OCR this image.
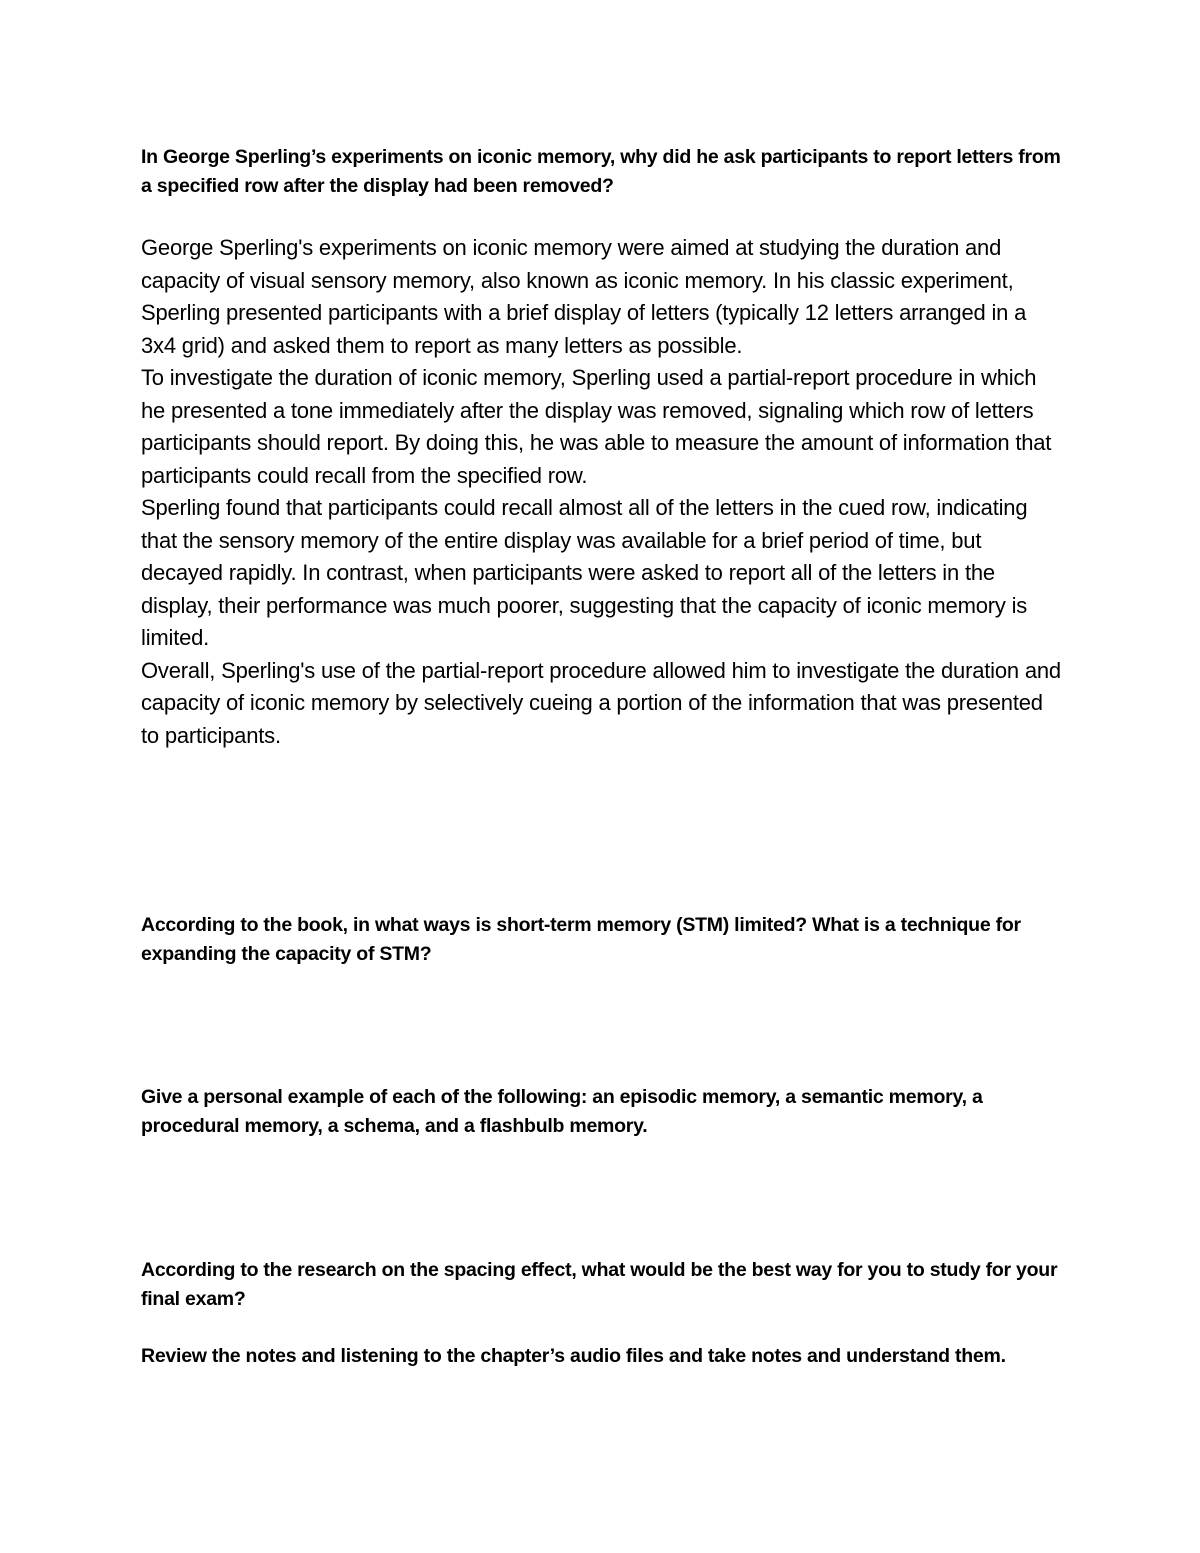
In George Sperling’s experiments on iconic memory, why did he ask participants to report letters from a specified row after the display had been removed?

George Sperling's experiments on iconic memory were aimed at studying the duration and capacity of visual sensory memory, also known as iconic memory. In his classic experiment, Sperling presented participants with a brief display of letters (typically 12 letters arranged in a 3x4 grid) and asked them to report as many letters as possible.

To investigate the duration of iconic memory, Sperling used a partial-report procedure in which he presented a tone immediately after the display was removed, signaling which row of letters participants should report. By doing this, he was able to measure the amount of information that participants could recall from the specified row.

Sperling found that participants could recall almost all of the letters in the cued row, indicating that the sensory memory of the entire display was available for a brief period of time, but decayed rapidly. In contrast, when participants were asked to report all of the letters in the display, their performance was much poorer, suggesting that the capacity of iconic memory is limited.

Overall, Sperling's use of the partial-report procedure allowed him to investigate the duration and capacity of iconic memory by selectively cueing a portion of the information that was presented to participants.

According to the book, in what ways is short-term memory (STM) limited? What is a technique for expanding the capacity of STM?

Give a personal example of each of the following: an episodic memory, a semantic memory, a procedural memory, a schema, and a flashbulb memory.

According to the research on the spacing effect, what would be the best way for you to study for your final exam?

Review the notes and listening to the chapter’s audio files and take notes and understand them.
